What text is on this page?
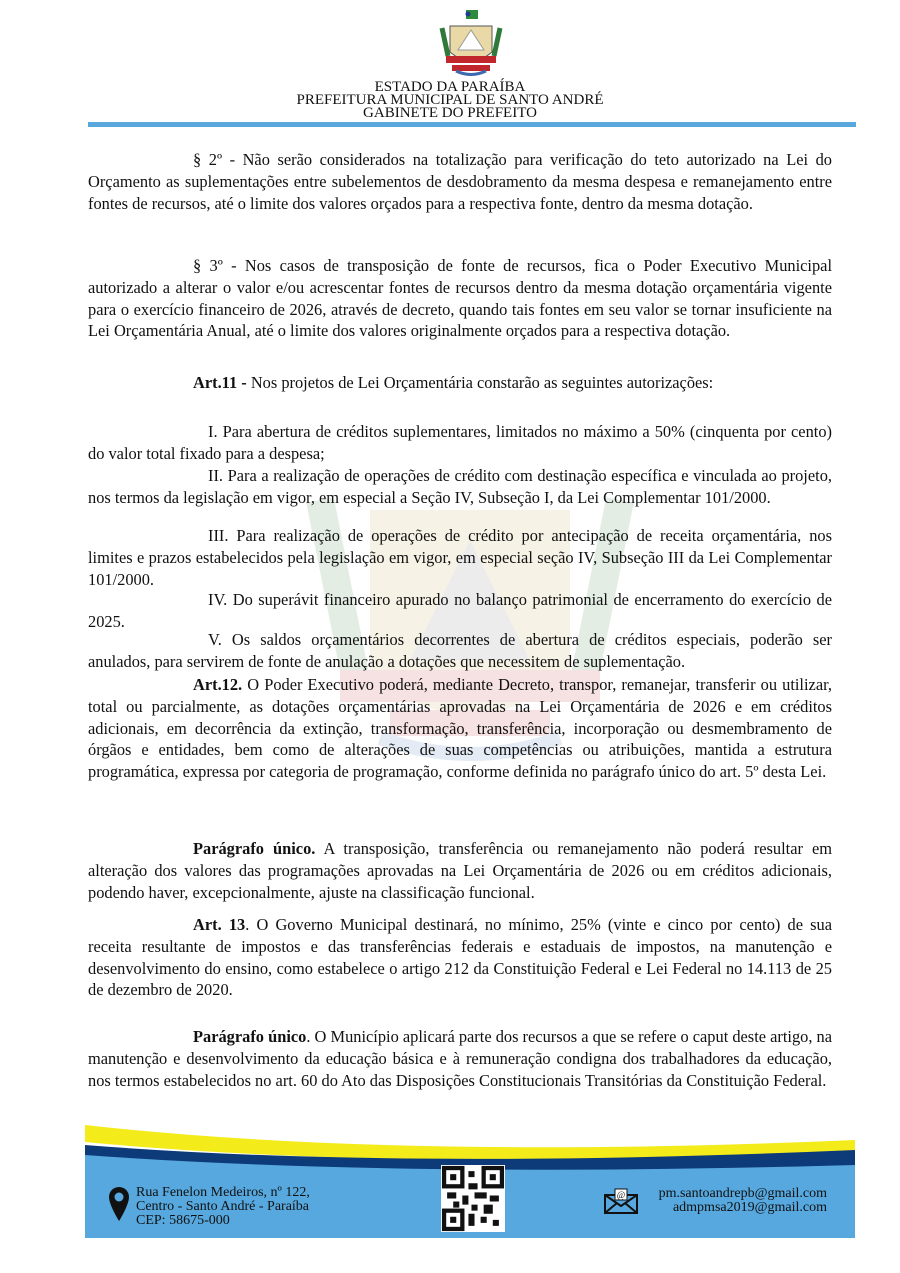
ESTADO DA PARAÍBA
PREFEITURA MUNICIPAL DE SANTO ANDRÉ
GABINETE DO PREFEITO
§ 2º - Não serão considerados na totalização para verificação do teto autorizado na Lei do Orçamento as suplementações entre subelementos de desdobramento da mesma despesa e remanejamento entre fontes de recursos, até o limite dos valores orçados para a respectiva fonte, dentro da mesma dotação.
§ 3º - Nos casos de transposição de fonte de recursos, fica o Poder Executivo Municipal autorizado a alterar o valor e/ou acrescentar fontes de recursos dentro da mesma dotação orçamentária vigente para o exercício financeiro de 2026, através de decreto, quando tais fontes em seu valor se tornar insuficiente na Lei Orçamentária Anual, até o limite dos valores originalmente orçados para a respectiva dotação.
Art.11 - Nos projetos de Lei Orçamentária constarão as seguintes autorizações:
I. Para abertura de créditos suplementares, limitados no máximo a 50% (cinquenta por cento) do valor total fixado para a despesa;
II. Para a realização de operações de crédito com destinação específica e vinculada ao projeto, nos termos da legislação em vigor, em especial a Seção IV, Subseção I, da Lei Complementar 101/2000.
III. Para realização de operações de crédito por antecipação de receita orçamentária, nos limites e prazos estabelecidos pela legislação em vigor, em especial seção IV, Subseção III da Lei Complementar 101/2000.
IV. Do superávit financeiro apurado no balanço patrimonial de encerramento do exercício de 2025.
V. Os saldos orçamentários decorrentes de abertura de créditos especiais, poderão ser anulados, para servirem de fonte de anulação a dotações que necessitem de suplementação.
Art.12. O Poder Executivo poderá, mediante Decreto, transpor, remanejar, transferir ou utilizar, total ou parcialmente, as dotações orçamentárias aprovadas na Lei Orçamentária de 2026 e em créditos adicionais, em decorrência da extinção, transformação, transferência, incorporação ou desmembramento de órgãos e entidades, bem como de alterações de suas competências ou atribuições, mantida a estrutura programática, expressa por categoria de programação, conforme definida no parágrafo único do art. 5º desta Lei.
Parágrafo único. A transposição, transferência ou remanejamento não poderá resultar em alteração dos valores das programações aprovadas na Lei Orçamentária de 2026 ou em créditos adicionais, podendo haver, excepcionalmente, ajuste na classificação funcional.
Art. 13. O Governo Municipal destinará, no mínimo, 25% (vinte e cinco por cento) de sua receita resultante de impostos e das transferências federais e estaduais de impostos, na manutenção e desenvolvimento do ensino, como estabelece o artigo 212 da Constituição Federal e Lei Federal no 14.113 de 25 de dezembro de 2020.
Parágrafo único. O Município aplicará parte dos recursos a que se refere o caput deste artigo, na manutenção e desenvolvimento da educação básica e à remuneração condigna dos trabalhadores da educação, nos termos estabelecidos no art. 60 do Ato das Disposições Constitucionais Transitórias da Constituição Federal.
Rua Fenelon Medeiros, nº 122,
Centro - Santo André - Paraíba
CEP: 58675-000
@	pm.santoandrepb@gmail.com
admpmsa2019@gmail.com
